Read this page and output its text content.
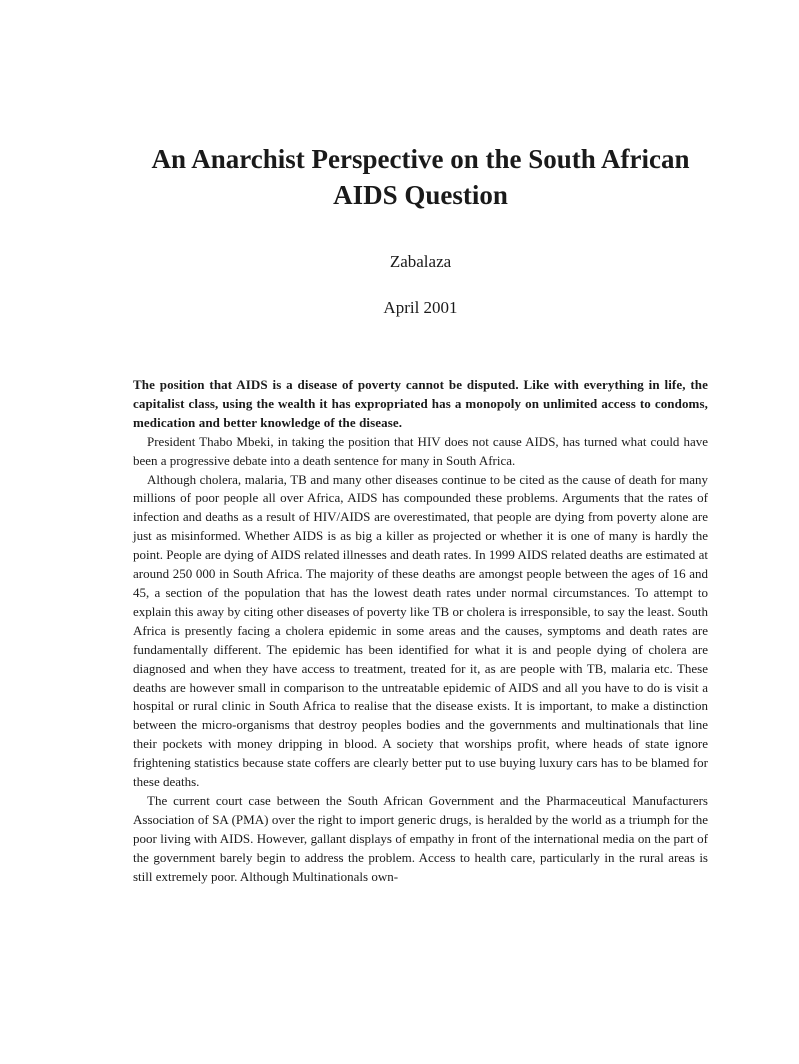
An Anarchist Perspective on the South African AIDS Question
Zabalaza
April 2001

The position that AIDS is a disease of poverty cannot be disputed. Like with everything in life, the capitalist class, using the wealth it has expropriated has a monopoly on unlimited access to condoms, medication and better knowledge of the disease.

President Thabo Mbeki, in taking the position that HIV does not cause AIDS, has turned what could have been a progressive debate into a death sentence for many in South Africa.

Although cholera, malaria, TB and many other diseases continue to be cited as the cause of death for many millions of poor people all over Africa, AIDS has compounded these problems. Arguments that the rates of infection and deaths as a result of HIV/AIDS are overestimated, that people are dying from poverty alone are just as misinformed. Whether AIDS is as big a killer as projected or whether it is one of many is hardly the point. People are dying of AIDS related illnesses and death rates. In 1999 AIDS related deaths are estimated at around 250 000 in South Africa. The majority of these deaths are amongst people between the ages of 16 and 45, a section of the population that has the lowest death rates under normal circumstances. To attempt to explain this away by citing other diseases of poverty like TB or cholera is irresponsible, to say the least. South Africa is presently facing a cholera epidemic in some areas and the causes, symptoms and death rates are fundamentally different. The epidemic has been identified for what it is and people dying of cholera are diagnosed and when they have access to treatment, treated for it, as are people with TB, malaria etc. These deaths are however small in comparison to the untreatable epidemic of AIDS and all you have to do is visit a hospital or rural clinic in South Africa to realise that the disease exists. It is important, to make a distinction between the micro-organisms that destroy peoples bodies and the governments and multinationals that line their pockets with money dripping in blood. A society that worships profit, where heads of state ignore frightening statistics because state coffers are clearly better put to use buying luxury cars has to be blamed for these deaths.

The current court case between the South African Government and the Pharmaceutical Manufacturers Association of SA (PMA) over the right to import generic drugs, is heralded by the world as a triumph for the poor living with AIDS. However, gallant displays of empathy in front of the international media on the part of the government barely begin to address the problem. Access to health care, particularly in the rural areas is still extremely poor. Although Multinationals own-
